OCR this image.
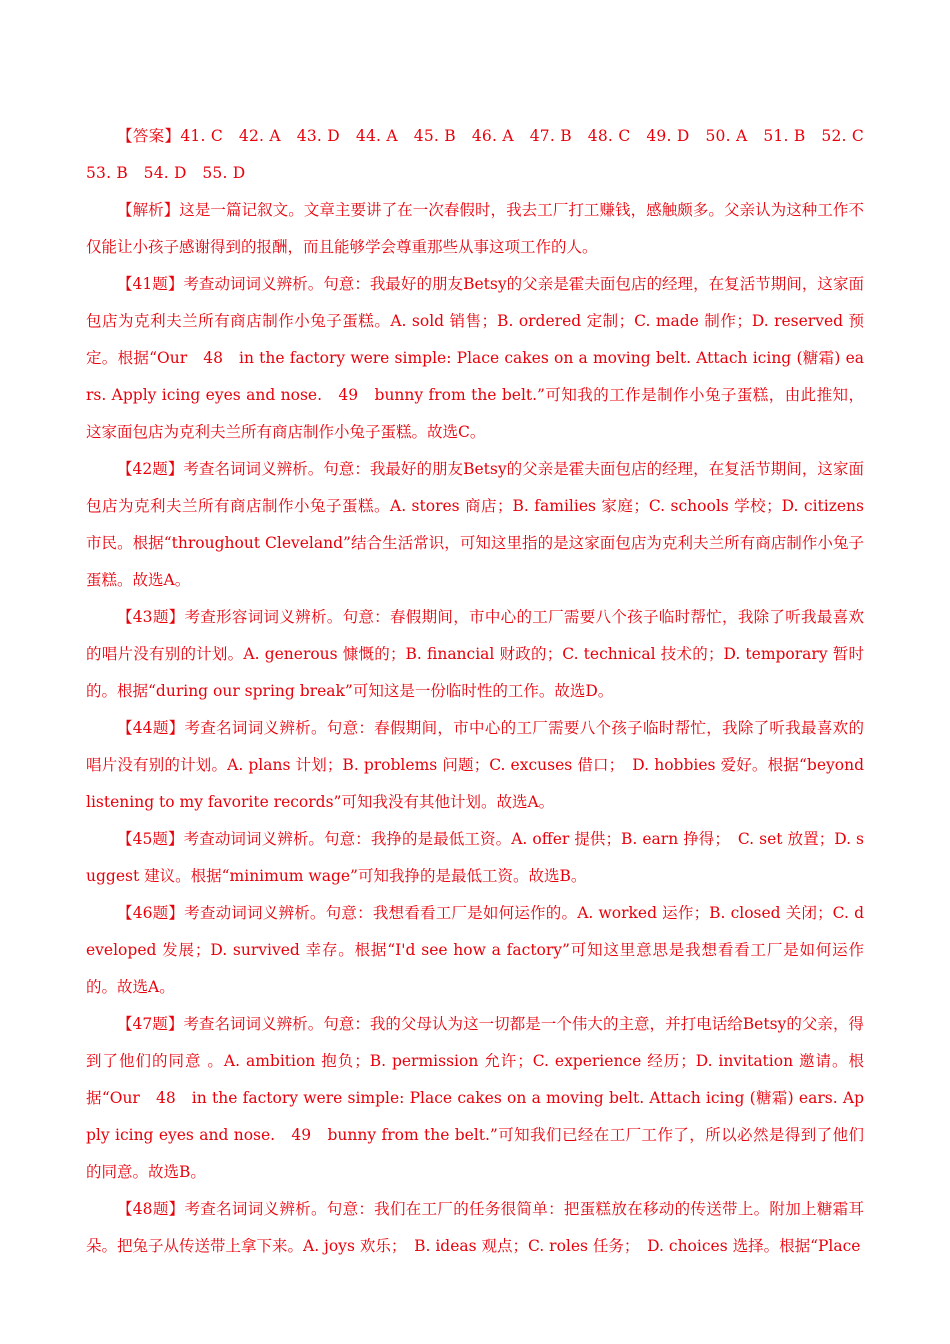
【答案】41. C　42. A　43. D　44. A　45. B　46. A　47. B　48. C　49. D　50. A　51. B　52. C　53. B　54. D　55. D

【解析】这是一篇记叙文。文章主要讲了在一次春假时，我去工厂打工赚钱，感触颇多。父亲认为这种工作不仅能让小孩子感谢得到的报酬，而且能够学会尊重那些从事这项工作的人。

【41题】考查动词词义辨析。句意：我最好的朋友Betsy的父亲是霍夫面包店的经理，在复活节期间，这家面包店为克利夫兰所有商店制作小兔子蛋糕。A. sold 销售；B. ordered 定制；C. made 制作；D. reserved 预定。根据“Our　48　in the factory were simple: Place cakes on a moving belt. Attach icing (糖霜) ears. Apply icing eyes and nose.　49　bunny from the belt.”可知我的工作是制作小兔子蛋糕，由此推知，这家面包店为克利夫兰所有商店制作小兔子蛋糕。故选C。

【42题】考查名词词义辨析。句意：我最好的朋友Betsy的父亲是霍夫面包店的经理，在复活节期间，这家面包店为克利夫兰所有商店制作小兔子蛋糕。A. stores 商店；B. families 家庭；C. schools 学校；D. citizens 市民。根据“throughout Cleveland”结合生活常识，可知这里指的是这家面包店为克利夫兰所有商店制作小兔子蛋糕。故选A。

【43题】考查形容词词义辨析。句意：春假期间，市中心的工厂需要八个孩子临时帮忙，我除了听我最喜欢的唱片没有别的计划。A. generous 慷慨的；B. financial 财政的；C. technical 技术的；D. temporary 暂时的。根据“during our spring break”可知这是一份临时性的工作。故选D。

【44题】考查名词词义辨析。句意：春假期间，市中心的工厂需要八个孩子临时帮忙，我除了听我最喜欢的唱片没有别的计划。A. plans 计划；B. problems 问题；C. excuses 借口；　D. hobbies 爱好。根据“beyond listening to my favorite records”可知我没有其他计划。故选A。

【45题】考查动词词义辨析。句意：我挣的是最低工资。A. offer 提供；B. earn 挣得；　C. set 放置；D. suggest 建议。根据“minimum wage”可知我挣的是最低工资。故选B。

【46题】考查动词词义辨析。句意：我想看看工厂是如何运作的。A. worked 运作；B. closed 关闭；C. developed 发展；D. survived 幸存。根据“I'd see how a factory”可知这里意思是我想看看工厂是如何运作的。故选A。

【47题】考查名词词义辨析。句意：我的父母认为这一切都是一个伟大的主意，并打电话给Betsy的父亲，得到了他们的同意 。A. ambition 抱负；B. permission 允许；C. experience 经历；D. invitation 邀请。根据“Our　48　in the factory were simple: Place cakes on a moving belt. Attach icing (糖霜) ears. Apply icing eyes and nose.　49　bunny from the belt.”可知我们已经在工厂工作了，所以必然是得到了他们的同意。故选B。

【48题】考查名词词义辨析。句意：我们在工厂的任务很简单：把蛋糕放在移动的传送带上。附加上糖霜耳朵。把兔子从传送带上拿下来。A. joys 欢乐；　B. ideas 观点；C. roles 任务；　D. choices 选择。根据“Place
